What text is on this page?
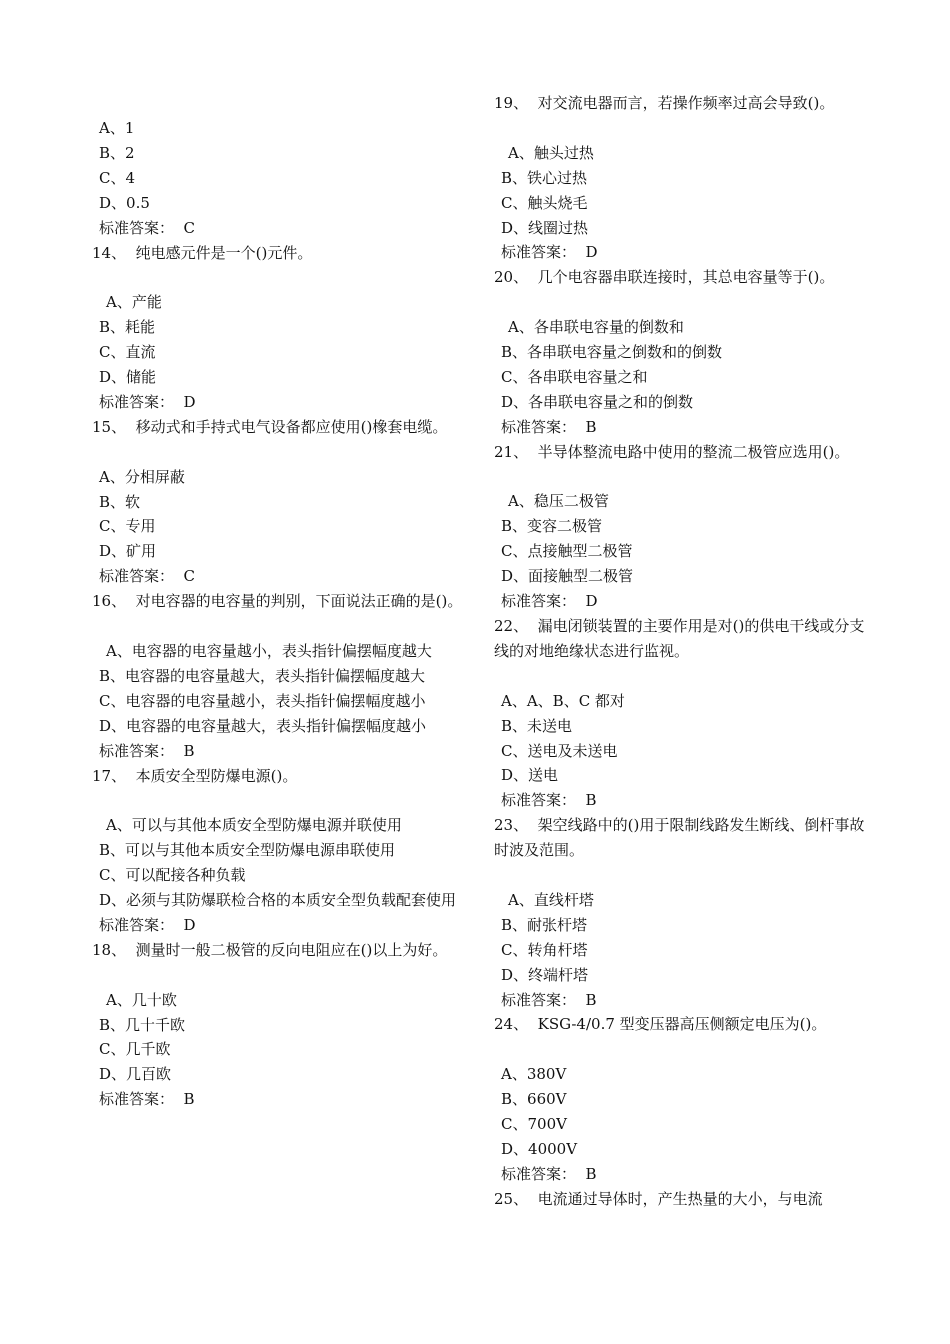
A、1
B、2
C、4
D、0.5
标准答案：  C
14、  纯电感元件是一个()元件。
A、产能
B、耗能
C、直流
D、储能
标准答案：  D
15、  移动式和手持式电气设备都应使用()橡套电缆。
A、分相屏蔽
B、软
C、专用
D、矿用
标准答案：  C
16、  对电容器的电容量的判别，下面说法正确的是()。
A、电容器的电容量越小，表头指针偏摆幅度越大
B、电容器的电容量越大，表头指针偏摆幅度越大
C、电容器的电容量越小，表头指针偏摆幅度越小
D、电容器的电容量越大，表头指针偏摆幅度越小
标准答案：  B
17、  本质安全型防爆电源()。
A、可以与其他本质安全型防爆电源并联使用
B、可以与其他本质安全型防爆电源串联使用
C、可以配接各种负载
D、必须与其防爆联检合格的本质安全型负载配套使用
标准答案：  D
18、  测量时一般二极管的反向电阻应在()以上为好。
A、几十欧
B、几十千欧
C、几千欧
D、几百欧
标准答案：  B
19、  对交流电器而言，若操作频率过高会导致()。
A、触头过热
B、铁心过热
C、触头烧毛
D、线圈过热
标准答案：  D
20、  几个电容器串联连接时，其总电容量等于()。
A、各串联电容量的倒数和
B、各串联电容量之倒数和的倒数
C、各串联电容量之和
D、各串联电容量之和的倒数
标准答案：  B
21、  半导体整流电路中使用的整流二极管应选用()。
A、稳压二极管
B、变容二极管
C、点接触型二极管
D、面接触型二极管
标准答案：  D
22、  漏电闭锁装置的主要作用是对()的供电干线或分支线的对地绝缘状态进行监视。
A、A、B、C 都对
B、未送电
C、送电及未送电
D、送电
标准答案：  B
23、  架空线路中的()用于限制线路发生断线、倒杆事故时波及范围。
A、直线杆塔
B、耐张杆塔
C、转角杆塔
D、终端杆塔
标准答案：  B
24、  KSG-4/0.7 型变压器高压侧额定电压为()。
A、380V
B、660V
C、700V
D、4000V
标准答案：  B
25、  电流通过导体时，产生热量的大小，与电流
